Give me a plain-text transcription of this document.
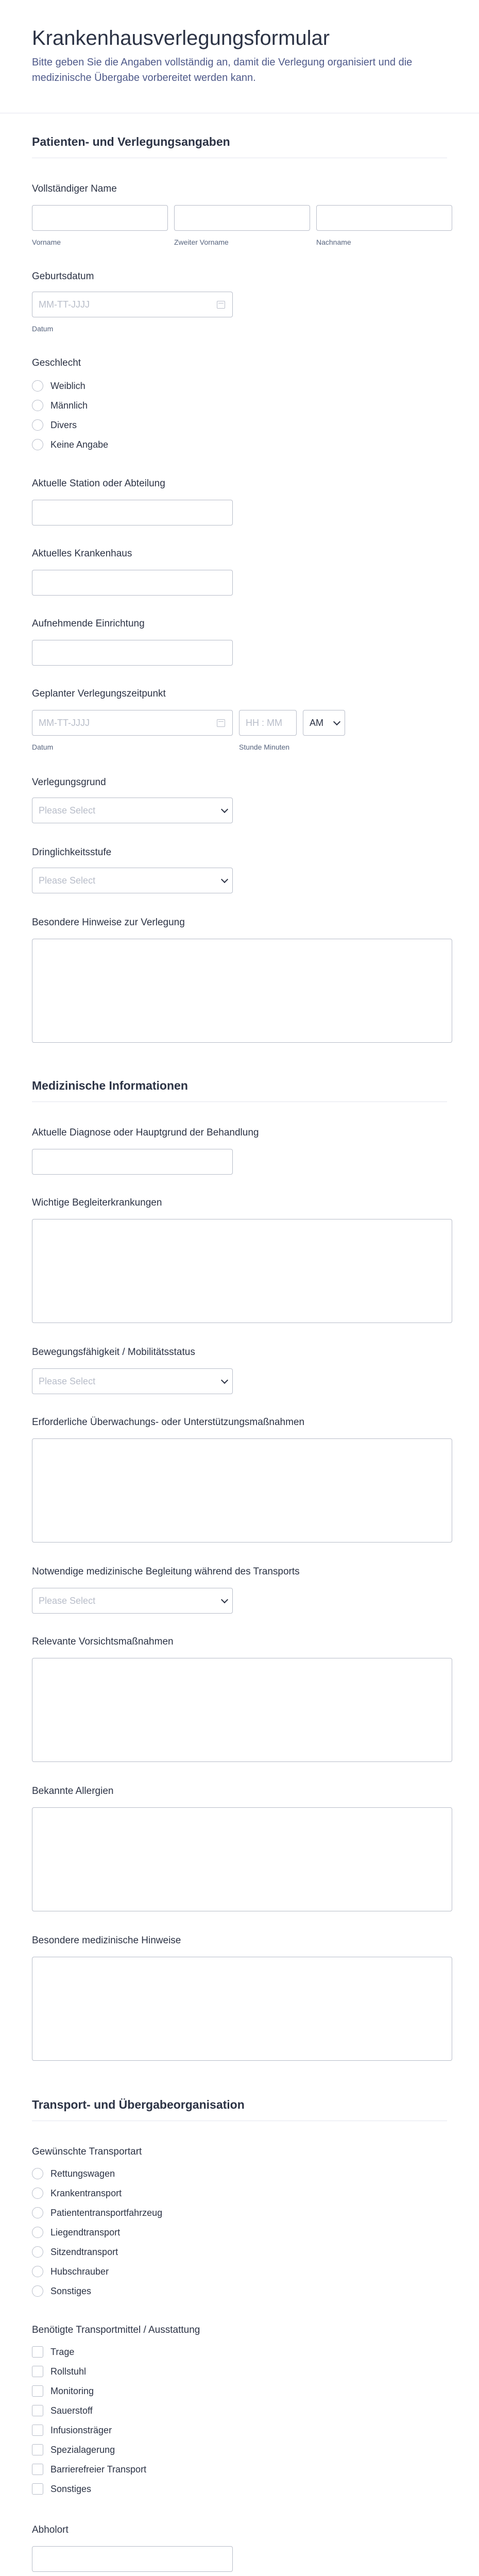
Krankenhausverlegungsformular

Bitte geben Sie die Angaben vollständig an, damit die Verlegung organisiert und die medizinische Übergabe vorbereitet werden kann.

Patienten- und Verlegungsangaben
Vollständiger Name
Vorname	Zweiter Vorname	Nachname
Geburtsdatum
MM-TT-JJJJ
Datum
Geschlecht
Weiblich
Männlich
Divers
Keine Angabe
Aktuelle Station oder Abteilung
Aktuelles Krankenhaus
Aufnehmende Einrichtung
Geplanter Verlegungszeitpunkt
MM-TT-JJJJ	HH : MM	AM
Datum	Stunde Minuten
Verlegungsgrund
Please Select
Dringlichkeitsstufe
Please Select
Besondere Hinweise zur Verlegung
Medizinische Informationen
Aktuelle Diagnose oder Hauptgrund der Behandlung
Wichtige Begleiterkrankungen
Bewegungsfähigkeit / Mobilitätsstatus
Please Select
Erforderliche Überwachungs- oder Unterstützungsmaßnahmen
Notwendige medizinische Begleitung während des Transports
Please Select
Relevante Vorsichtsmaßnahmen
Bekannte Allergien
Besondere medizinische Hinweise
Transport- und Übergabeorganisation
Gewünschte Transportart
Rettungswagen
Krankentransport
Patiententransportfahrzeug
Liegendtransport
Sitzendtransport
Hubschrauber
Sonstiges
Benötigte Transportmittel / Ausstattung
Trage
Rollstuhl
Monitoring
Sauerstoff
Infusionsträger
Spezialagerung
Barrierefreier Transport
Sonstiges
Abholort
